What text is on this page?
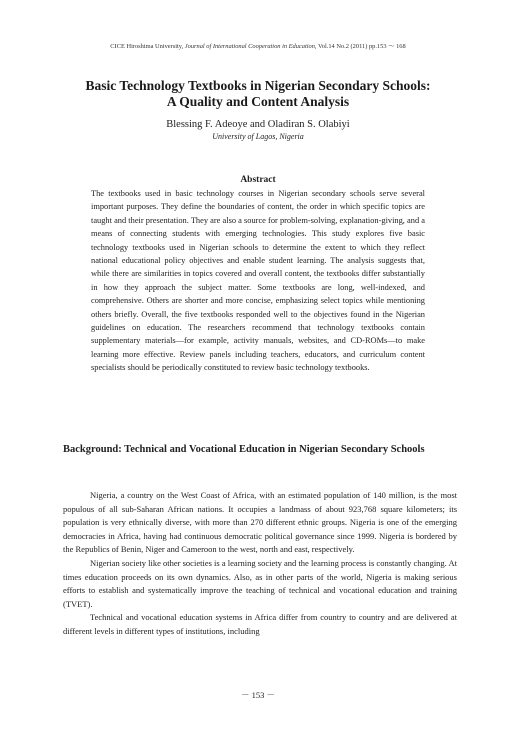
CICE Hiroshima University, Journal of International Cooperation in Education, Vol.14 No.2 (2011) pp.153 ～ 168
Basic Technology Textbooks in Nigerian Secondary Schools:
A Quality and Content Analysis
Blessing F. Adeoye and Oladiran S. Olabiyi
University of Lagos, Nigeria
Abstract

The textbooks used in basic technology courses in Nigerian secondary schools serve several important purposes. They define the boundaries of content, the order in which specific topics are taught and their presentation. They are also a source for problem-solving, explanation-giving, and a means of connecting students with emerging technologies. This study explores five basic technology textbooks used in Nigerian schools to determine the extent to which they reflect national educational policy objectives and enable student learning. The analysis suggests that, while there are similarities in topics covered and overall content, the textbooks differ substantially in how they approach the subject matter. Some textbooks are long, well-indexed, and comprehensive. Others are shorter and more concise, emphasizing select topics while mentioning others briefly. Overall, the five textbooks responded well to the objectives found in the Nigerian guidelines on education. The researchers recommend that technology textbooks contain supplementary materials—for example, activity manuals, websites, and CD-ROMs—to make learning more effective. Review panels including teachers, educators, and curriculum content specialists should be periodically constituted to review basic technology textbooks.

Background: Technical and Vocational Education in Nigerian Secondary Schools

Nigeria, a country on the West Coast of Africa, with an estimated population of 140 million, is the most populous of all sub-Saharan African nations. It occupies a landmass of about 923,768 square kilometers; its population is very ethnically diverse, with more than 270 different ethnic groups. Nigeria is one of the emerging democracies in Africa, having had continuous democratic political governance since 1999. Nigeria is bordered by the Republics of Benin, Niger and Cameroon to the west, north and east, respectively.

Nigerian society like other societies is a learning society and the learning process is constantly changing. At times education proceeds on its own dynamics. Also, as in other parts of the world, Nigeria is making serious efforts to establish and systematically improve the teaching of technical and vocational education and training (TVET).

Technical and vocational education systems in Africa differ from country to country and are delivered at different levels in different types of institutions, including

－ 153 －
